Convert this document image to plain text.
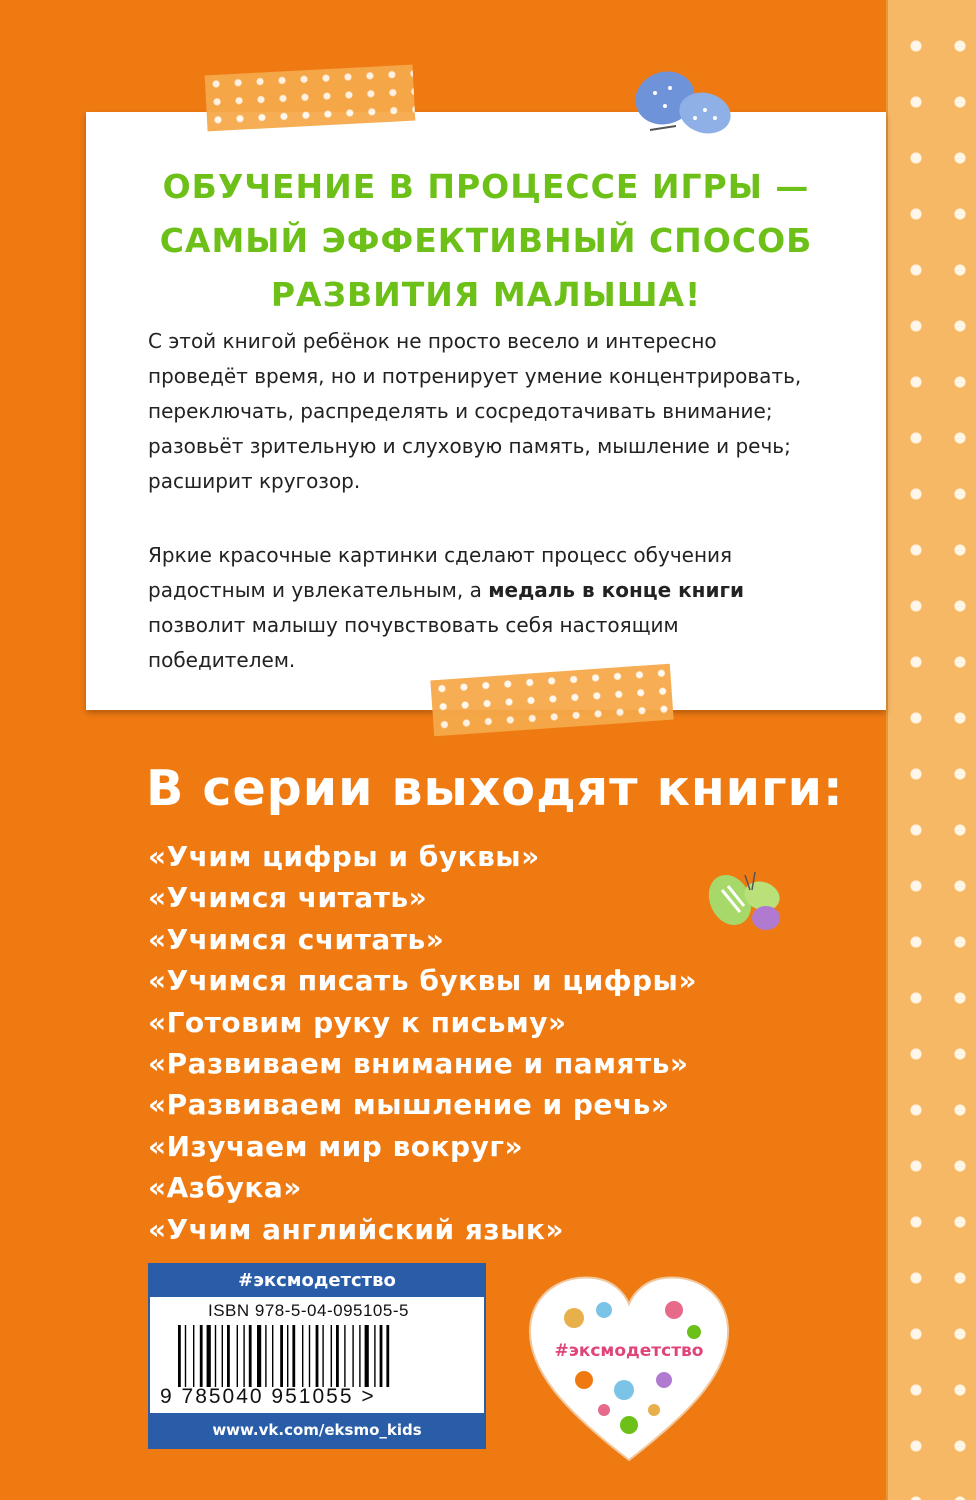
ОБУЧЕНИЕ В ПРОЦЕССЕ ИГРЫ —
САМЫЙ ЭФФЕКТИВНЫЙ СПОСОБ
РАЗВИТИЯ МАЛЫША!
С этой книгой ребёнок не просто весело и интересно
проведёт время, но и потренирует умение концентрировать,
переключать, распределять и сосредотачивать внимание;
разовьёт зрительную и слуховую память, мышление и речь;
расширит кругозор.
Яркие красочные картинки сделают процесс обучения
радостным и увлекательным, а медаль в конце книги
позволит малышу почувствовать себя настоящим
победителем.
В серии выходят книги:
«Учим цифры и буквы»
«Учимся читать»
«Учимся считать»
«Учимся писать буквы и цифры»
«Готовим руку к письму»
«Развиваем внимание и память»
«Развиваем мышление и речь»
«Изучаем мир вокруг»
«Азбука»
«Учим английский язык»
#эксмодетство
ISBN 978-5-04-095105-5
9 785040 951055 >
www.vk.com/eksmo_kids
#эксмодетство
